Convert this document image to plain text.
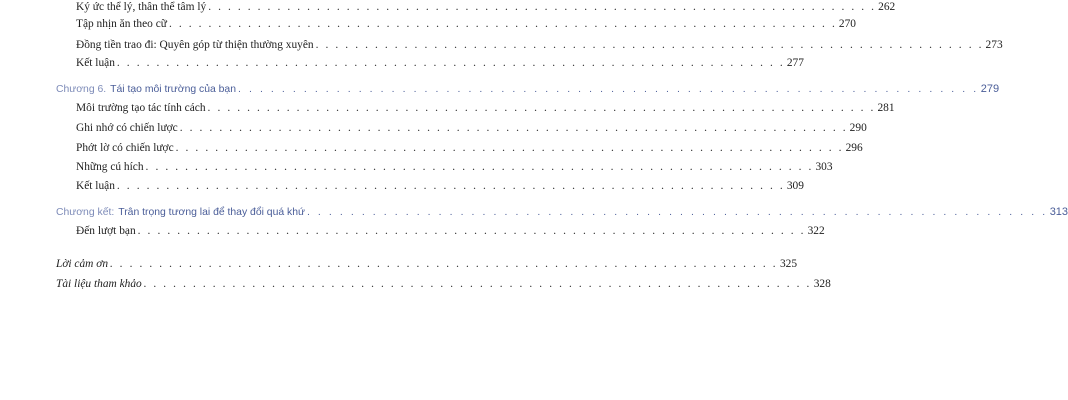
Ký ức thể lý, thân thể tâm lý . . . . . . . . . . . . . . . . . . . . . . . . . . . . . . . . . . . . . . . . . . . . . . . . . . . . . . . . . . . . . . . . . . . . 262
Tập nhịn ăn theo cữ . . . . . . . . . . . . . . . . . . . . . . . . . . . . . . . . . . . . . . . . . . . . . . . . . . . . . . . . . . . . . . . . . . . . 270
Đồng tiền trao đi: Quyên góp từ thiện thường xuyên . . . . . . . . . . . . . . . . . . . . . . . . . . . . . . . . . . . . . . . . . . . . . . . . . . . . . . . . . . . . . . . . . . . . 273
Kết luận . . . . . . . . . . . . . . . . . . . . . . . . . . . . . . . . . . . . . . . . . . . . . . . . . . . . . . . . . . . . . . . . . . . . 277
Chương 6. Tái tạo môi trường của bạn . . . . . . . . . . . . . . . . . . . . . . . . . . . . . . . . . . . . . . . . . . . . . . . . . . . . . . . . . . . . . . . . . . . . 279
Môi trường tạo tác tính cách . . . . . . . . . . . . . . . . . . . . . . . . . . . . . . . . . . . . . . . . . . . . . . . . . . . . . . . . . . . . . . . . . . . . 281
Ghi nhớ có chiến lược . . . . . . . . . . . . . . . . . . . . . . . . . . . . . . . . . . . . . . . . . . . . . . . . . . . . . . . . . . . . . . . . . . . . 290
Phớt lờ có chiến lược . . . . . . . . . . . . . . . . . . . . . . . . . . . . . . . . . . . . . . . . . . . . . . . . . . . . . . . . . . . . . . . . . . . . 296
Những cú hích . . . . . . . . . . . . . . . . . . . . . . . . . . . . . . . . . . . . . . . . . . . . . . . . . . . . . . . . . . . . . . . . . . . . 303
Kết luận . . . . . . . . . . . . . . . . . . . . . . . . . . . . . . . . . . . . . . . . . . . . . . . . . . . . . . . . . . . . . . . . . . . . 309
Chương kết: Trân trọng tương lai để thay đổi quá khứ . . . . . . . . . . . . . . . . . . . . . . . . . . . . . . . . . . . . . . . . . . . . . . . . . . . . . . . . . . . . . . . . . . . . 313
Đến lượt bạn . . . . . . . . . . . . . . . . . . . . . . . . . . . . . . . . . . . . . . . . . . . . . . . . . . . . . . . . . . . . . . . . . . . . 322
Lời cảm ơn . . . . . . . . . . . . . . . . . . . . . . . . . . . . . . . . . . . . . . . . . . . . . . . . . . . . . . . . . . . . . . . . . . . . 325
Tài liệu tham khảo . . . . . . . . . . . . . . . . . . . . . . . . . . . . . . . . . . . . . . . . . . . . . . . . . . . . . . . . . . . . . . . . . . . . 328
